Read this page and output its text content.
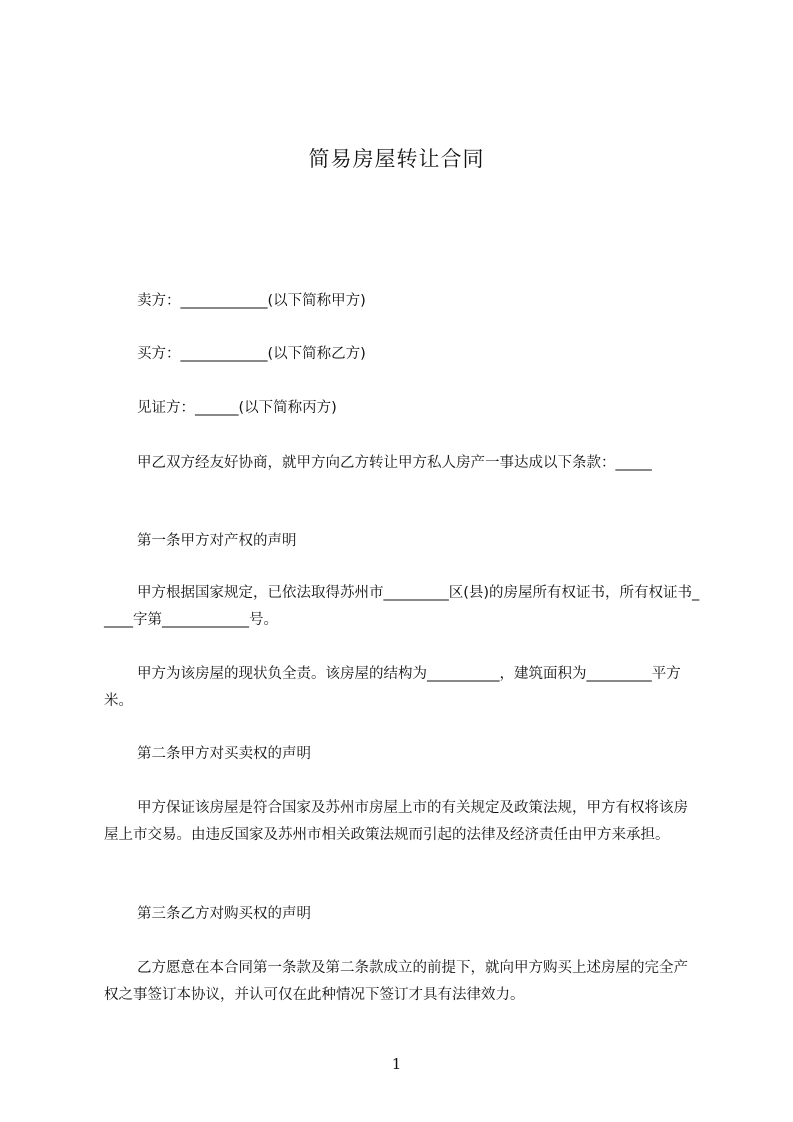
简易房屋转让合同

卖方：____________(以下简称甲方)

买方：____________(以下简称乙方)

见证方：______(以下简称丙方)

甲乙双方经友好协商，就甲方向乙方转让甲方私人房产一事达成以下条款：_____

第一条甲方对产权的声明

甲方根据国家规定，已依法取得苏州市_________区(县)的房屋所有权证书，所有权证书_____字第____________号。

甲方为该房屋的现状负全责。该房屋的结构为__________，建筑面积为_________平方米。

第二条甲方对买卖权的声明

甲方保证该房屋是符合国家及苏州市房屋上市的有关规定及政策法规，甲方有权将该房屋上市交易。由违反国家及苏州市相关政策法规而引起的法律及经济责任由甲方来承担。

第三条乙方对购买权的声明

乙方愿意在本合同第一条款及第二条款成立的前提下，就向甲方购买上述房屋的完全产权之事签订本协议，并认可仅在此种情况下签订才具有法律效力。

1
